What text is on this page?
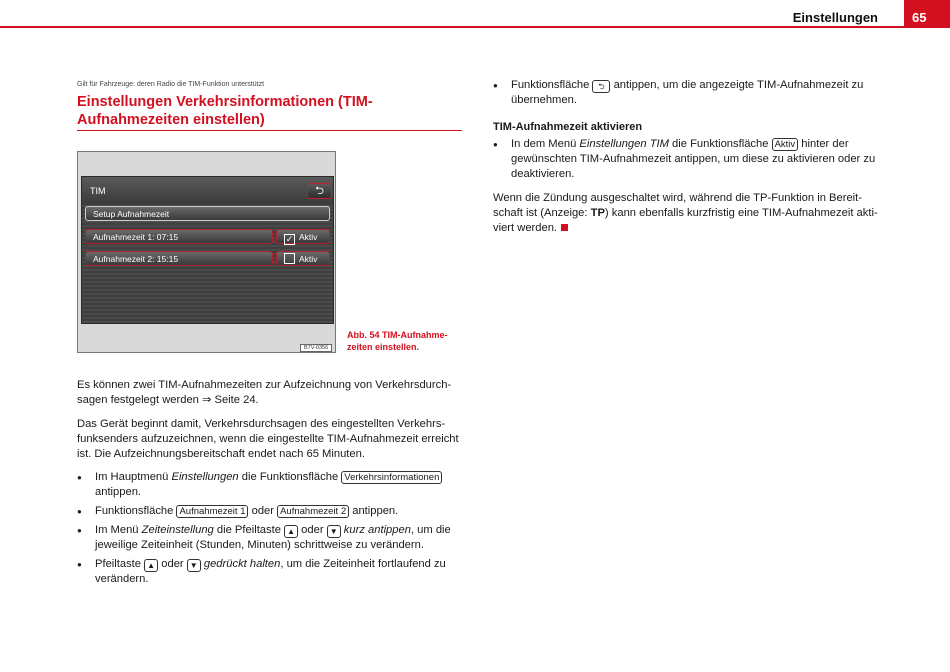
Einstellungen	65
Gilt für Fahrzeuge: deren Radio die TIM-Funktion unterstützt
Einstellungen Verkehrsinformationen (TIM-Aufnahmezeiten einstellen)
TIM	⮌
Setup Aufnahmezeit
Aufnahmezeit 1: 07:15	✓ Aktiv
Aufnahmezeit 2: 15:15	Aktiv
B7V-0356
Abb. 54 TIM-Aufnahme-zeiten einstellen.
Es können zwei TIM-Aufnahmezeiten zur Aufzeichnung von Verkehrsdurch-sagen festgelegt werden ⇒ Seite 24.
Das Gerät beginnt damit, Verkehrsdurchsagen des eingestellten Verkehrs-funksenders aufzuzeichnen, wenn die eingestellte TIM-Aufnahmezeit erreicht ist. Die Aufzeichnungsbereitschaft endet nach 65 Minuten.
● Im Hauptmenü Einstellungen die Funktionsfläche Verkehrsinformationen antippen.
● Funktionsfläche Aufnahmezeit 1 oder Aufnahmezeit 2 antippen.
● Im Menü Zeiteinstellung die Pfeiltaste ▲ oder ▼ kurz antippen, um die jeweilige Zeiteinheit (Stunden, Minuten) schrittweise zu verändern.
● Pfeiltaste ▲ oder ▼ gedrückt halten, um die Zeiteinheit fortlaufend zu verändern.
● Funktionsfläche ⮌ antippen, um die angezeigte TIM-Aufnahmezeit zu übernehmen.
TIM-Aufnahmezeit aktivieren
● In dem Menü Einstellungen TIM die Funktionsfläche Aktiv hinter der gewünschten TIM-Aufnahmezeit antippen, um diese zu aktivieren oder zu deaktivieren.
Wenn die Zündung ausgeschaltet wird, während die TP-Funktion in Bereit-schaft ist (Anzeige: TP) kann ebenfalls kurzfristig eine TIM-Aufnahmezeit akti-viert werden.
